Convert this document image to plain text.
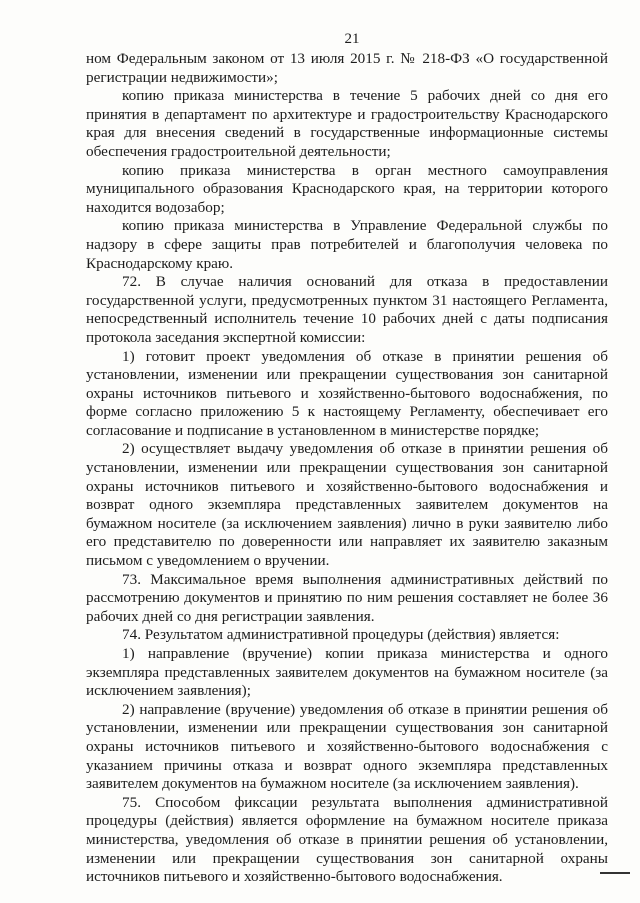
21

ном Федеральным законом от 13 июля 2015 г. № 218-ФЗ «О государственной регистрации недвижимости»;

копию приказа министерства в течение 5 рабочих дней со дня его принятия в департамент по архитектуре и градостроительству Краснодарского края для внесения сведений в государственные информационные системы обеспечения градостроительной деятельности;

копию приказа министерства в орган местного самоуправления муниципального образования Краснодарского края, на территории которого находится водозабор;

копию приказа министерства в Управление Федеральной службы по надзору в сфере защиты прав потребителей и благополучия человека по Краснодарскому краю.

72. В случае наличия оснований для отказа в предоставлении государственной услуги, предусмотренных пунктом 31 настоящего Регламента, непосредственный исполнитель течение 10 рабочих дней с даты подписания протокола заседания экспертной комиссии:

1) готовит проект уведомления об отказе в принятии решения об установлении, изменении или прекращении существования зон санитарной охраны источников питьевого и хозяйственно-бытового водоснабжения, по форме согласно приложению 5 к настоящему Регламенту, обеспечивает его согласование и подписание в установленном в министерстве порядке;

2) осуществляет выдачу уведомления об отказе в принятии решения об установлении, изменении или прекращении существования зон санитарной охраны источников питьевого и хозяйственно-бытового водоснабжения и возврат одного экземпляра представленных заявителем документов на бумажном носителе (за исключением заявления) лично в руки заявителю либо его представителю по доверенности или направляет их заявителю заказным письмом с уведомлением о вручении.

73. Максимальное время выполнения административных действий по рассмотрению документов и принятию по ним решения составляет не более 36 рабочих дней со дня регистрации заявления.

74. Результатом административной процедуры (действия) является:

1) направление (вручение) копии приказа министерства и одного экземпляра представленных заявителем документов на бумажном носителе (за исключением заявления);

2) направление (вручение) уведомления об отказе в принятии решения об установлении, изменении или прекращении существования зон санитарной охраны источников питьевого и хозяйственно-бытового водоснабжения с указанием причины отказа и возврат одного экземпляра представленных заявителем документов на бумажном носителе (за исключением заявления).

75. Способом фиксации результата выполнения административной процедуры (действия) является оформление на бумажном носителе приказа министерства, уведомления об отказе в принятии решения об установлении, изменении или прекращении существования зон санитарной охраны источников питьевого и хозяйственно-бытового водоснабжения.
